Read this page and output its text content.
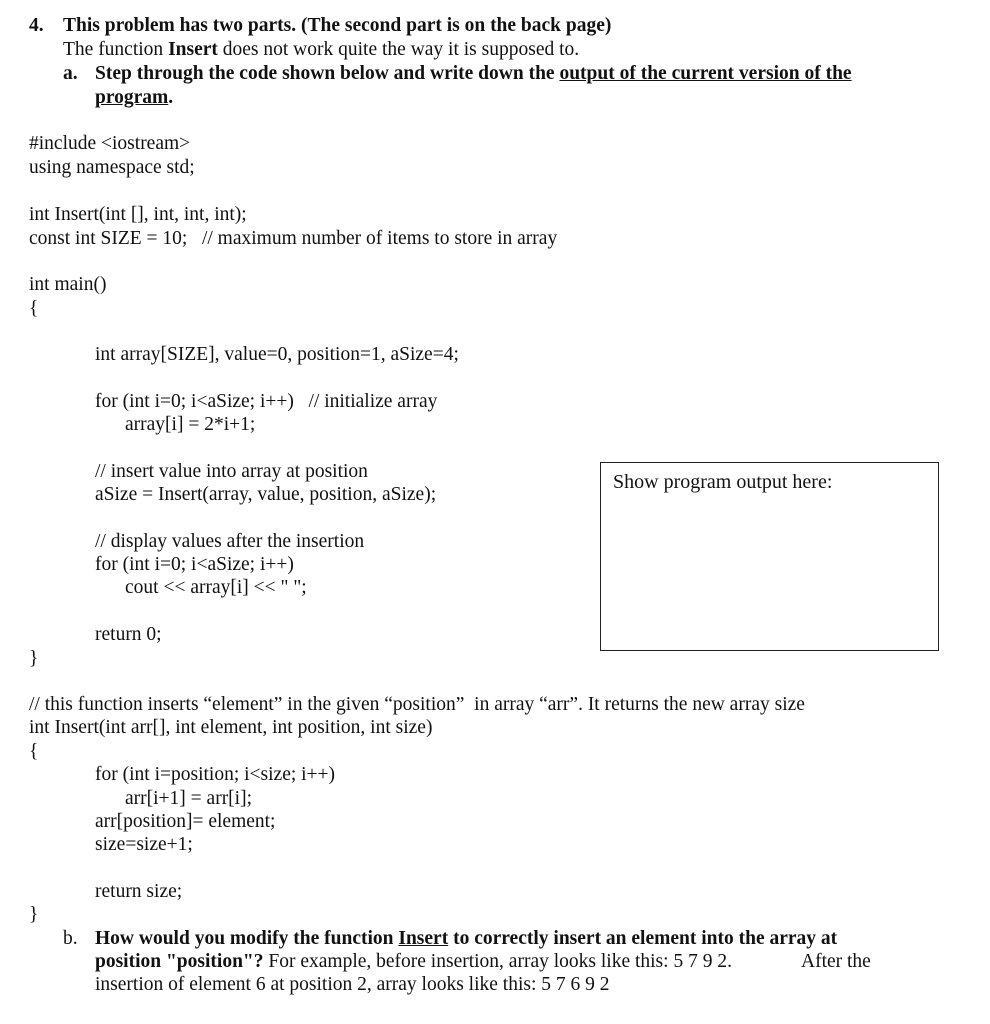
4. This problem has two parts. (The second part is on the back page)
The function Insert does not work quite the way it is supposed to.
a. Step through the code shown below and write down the output of the current version of the
program.
#include <iostream>
using namespace std;
int Insert(int [], int, int, int);
const int SIZE = 10;   // maximum number of items to store in array
int main()
{
int array[SIZE], value=0, position=1, aSize=4;
for (int i=0; i<aSize; i++)   // initialize array
array[i] = 2*i+1;
// insert value into array at position
aSize = Insert(array, value, position, aSize);
// display values after the insertion
for (int i=0; i<aSize; i++)
cout << array[i] << " ";
return 0;
}
// this function inserts “element” in the given “position”  in array “arr”. It returns the new array size
int Insert(int arr[], int element, int position, int size)
{
for (int i=position; i<size; i++)
arr[i+1] = arr[i];
arr[position]= element;
size=size+1;
return size;
}
Show program output here:
b. How would you modify the function Insert to correctly insert an element into the array at
position "position"? For example, before insertion, array looks like this: 5 7 9 2.	After the
insertion of element 6 at position 2, array looks like this: 5 7 6 9 2
